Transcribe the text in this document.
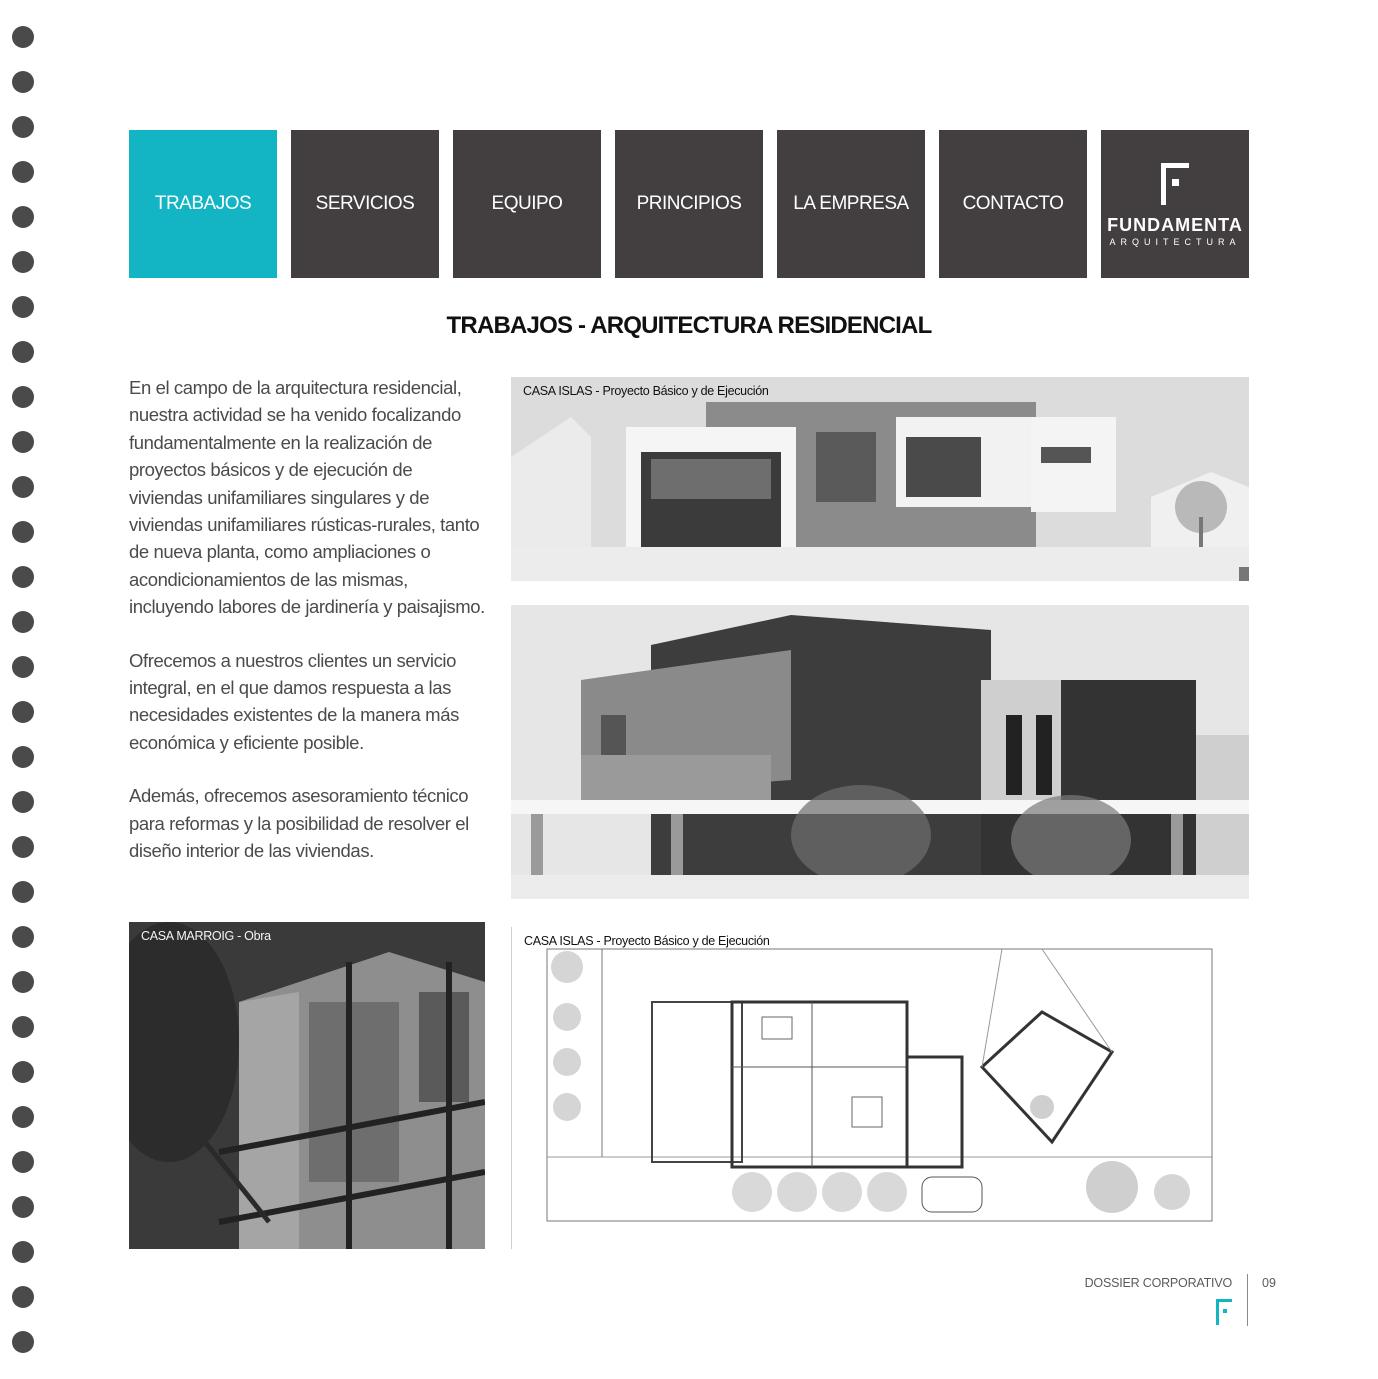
TRABAJOS	SERVICIOS	EQUIPO	PRINCIPIOS	LA EMPRESA	CONTACTO
FUNDAMENTA
ARQUITECTURA
TRABAJOS - ARQUITECTURA RESIDENCIAL

En el campo de la arquitectura residencial, nuestra actividad se ha venido focalizando fundamentalmente en la realización de proyectos básicos y de ejecución de viviendas unifamiliares singulares y de viviendas unifamiliares rústicas-rurales, tanto de nueva planta, como ampliaciones o acondicionamientos de las mismas, incluyendo labores de jardinería y paisajismo.

Ofrecemos a nuestros clientes un servicio integral, en el que damos respuesta a las necesidades existentes de la manera más económica y eficiente posible.

Además, ofrecemos asesoramiento técnico para reformas y la posibilidad de resolver el diseño interior de las viviendas.

CASA ISLAS - Proyecto Básico y de Ejecución
CASA MARROIG - Obra	CASA ISLAS - Proyecto Básico y de Ejecución
DOSSIER CORPORATIVO 09
